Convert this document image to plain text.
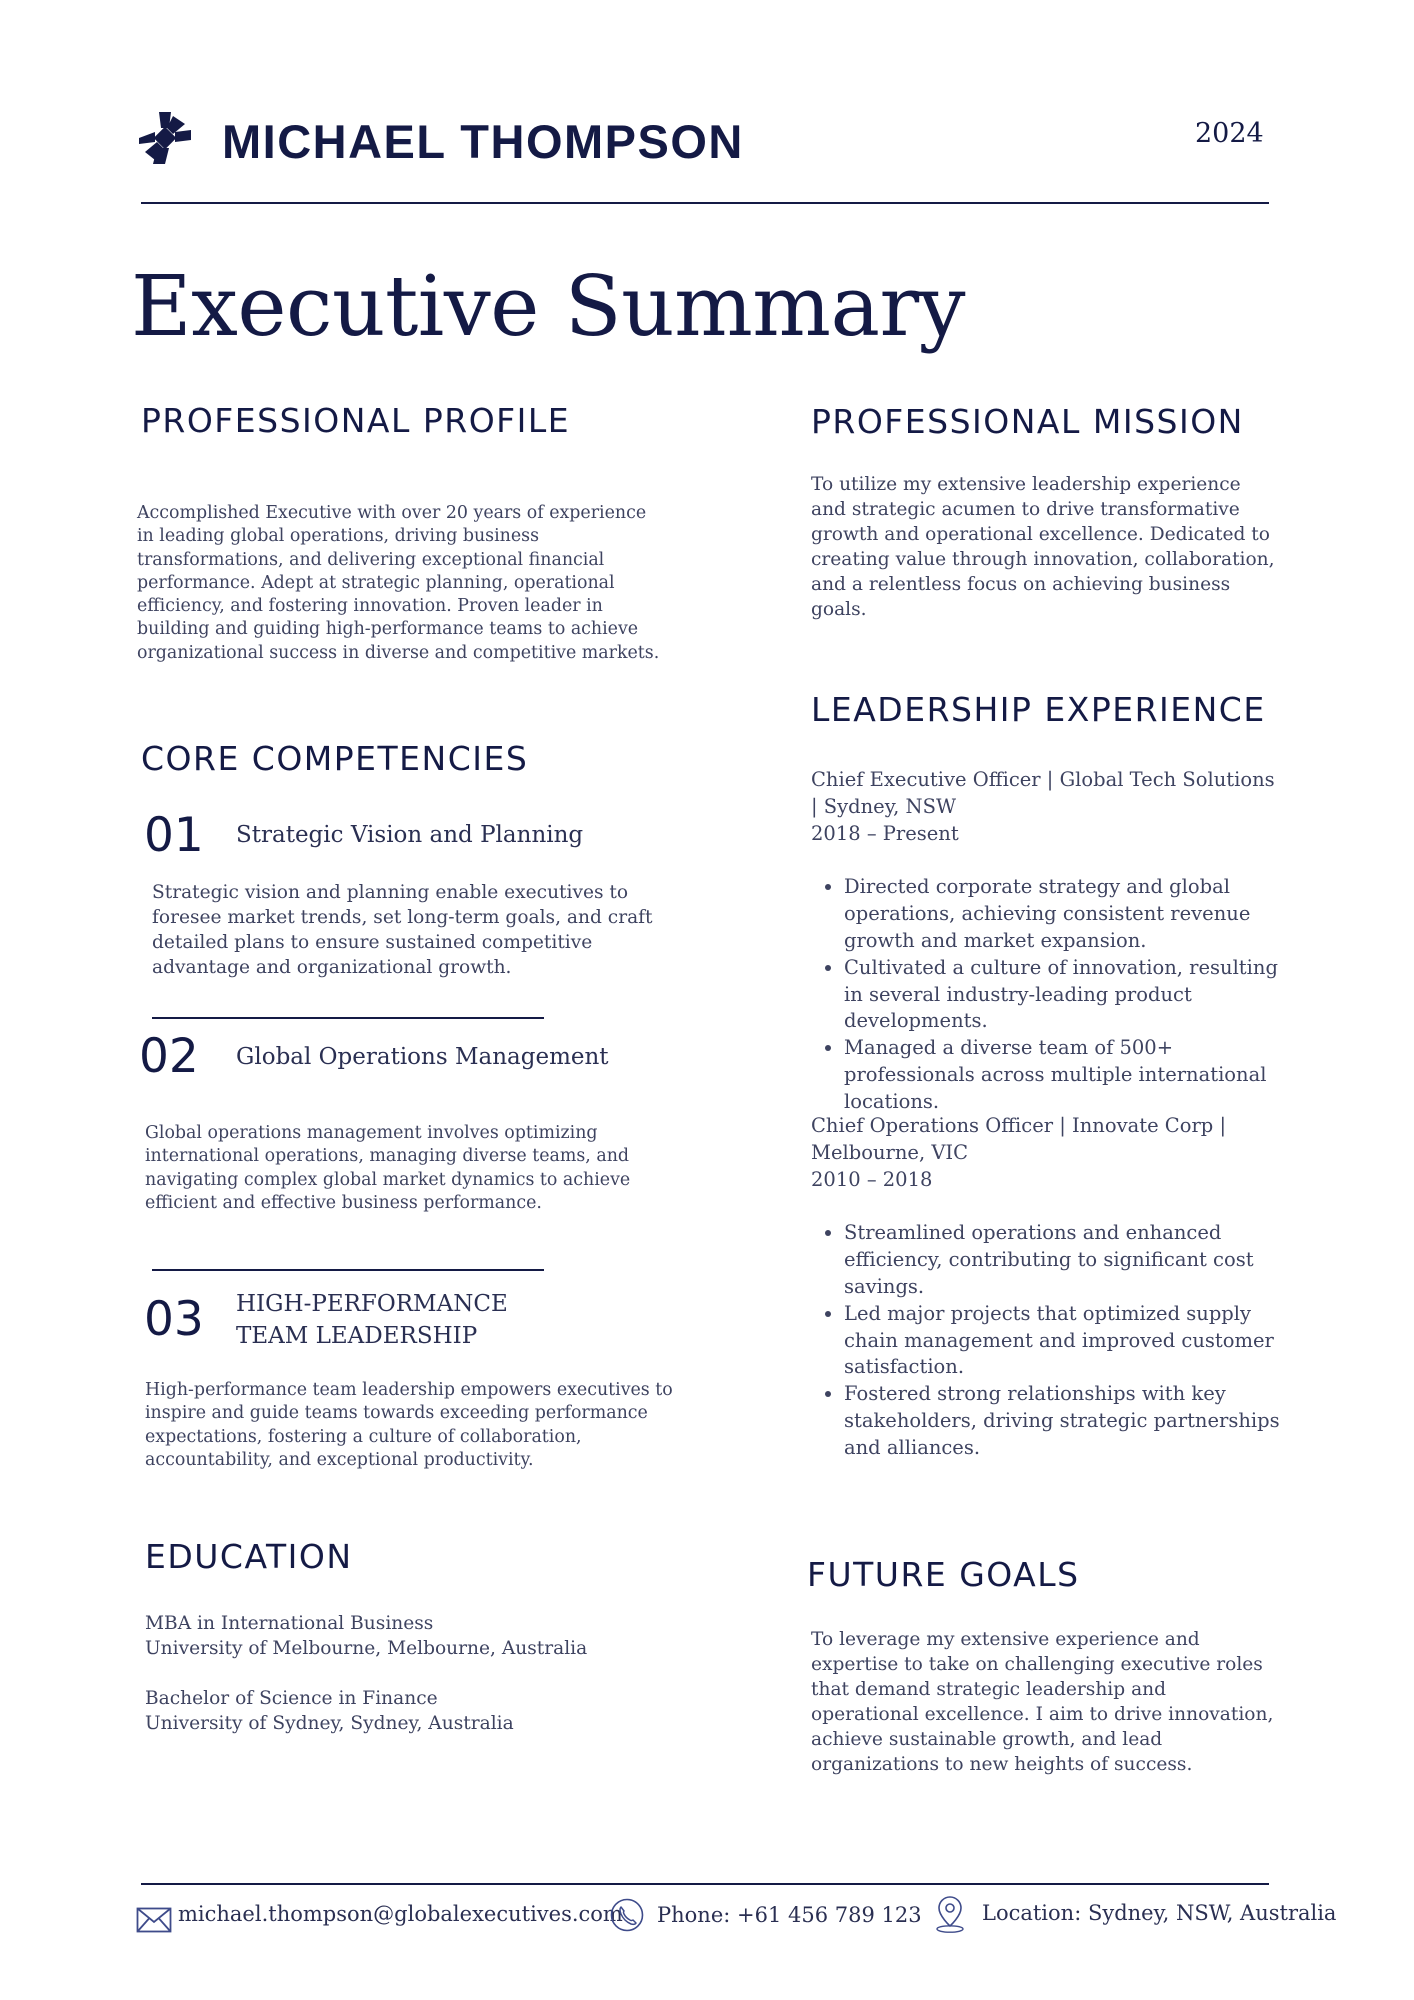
MICHAEL THOMPSON	2024
Executive Summary
PROFESSIONAL PROFILE
Accomplished Executive with over 20 years of experience in leading global operations, driving business transformations, and delivering exceptional financial performance. Adept at strategic planning, operational efficiency, and fostering innovation. Proven leader in building and guiding high-performance teams to achieve organizational success in diverse and competitive markets.
CORE COMPETENCIES
01 Strategic Vision and Planning
Strategic vision and planning enable executives to foresee market trends, set long-term goals, and craft detailed plans to ensure sustained competitive advantage and organizational growth.
02 Global Operations Management
Global operations management involves optimizing international operations, managing diverse teams, and navigating complex global market dynamics to achieve efficient and effective business performance.
03 HIGH-PERFORMANCE TEAM LEADERSHIP
High-performance team leadership empowers executives to inspire and guide teams towards exceeding performance expectations, fostering a culture of collaboration, accountability, and exceptional productivity.
EDUCATION
MBA in International Business
University of Melbourne, Melbourne, Australia
Bachelor of Science in Finance
University of Sydney, Sydney, Australia
PROFESSIONAL MISSION
To utilize my extensive leadership experience and strategic acumen to drive transformative growth and operational excellence. Dedicated to creating value through innovation, collaboration, and a relentless focus on achieving business goals.
LEADERSHIP EXPERIENCE
Chief Executive Officer | Global Tech Solutions | Sydney, NSW
2018 – Present
• Directed corporate strategy and global operations, achieving consistent revenue growth and market expansion.
• Cultivated a culture of innovation, resulting in several industry-leading product developments.
• Managed a diverse team of 500+ professionals across multiple international locations.
Chief Operations Officer | Innovate Corp | Melbourne, VIC
2010 – 2018
• Streamlined operations and enhanced efficiency, contributing to significant cost savings.
• Led major projects that optimized supply chain management and improved customer satisfaction.
• Fostered strong relationships with key stakeholders, driving strategic partnerships and alliances.
FUTURE GOALS
To leverage my extensive experience and expertise to take on challenging executive roles that demand strategic leadership and operational excellence. I aim to drive innovation, achieve sustainable growth, and lead organizations to new heights of success.
michael.thompson@globalexecutives.com Phone: +61 456 789 123	Location: Sydney, NSW, Australia
